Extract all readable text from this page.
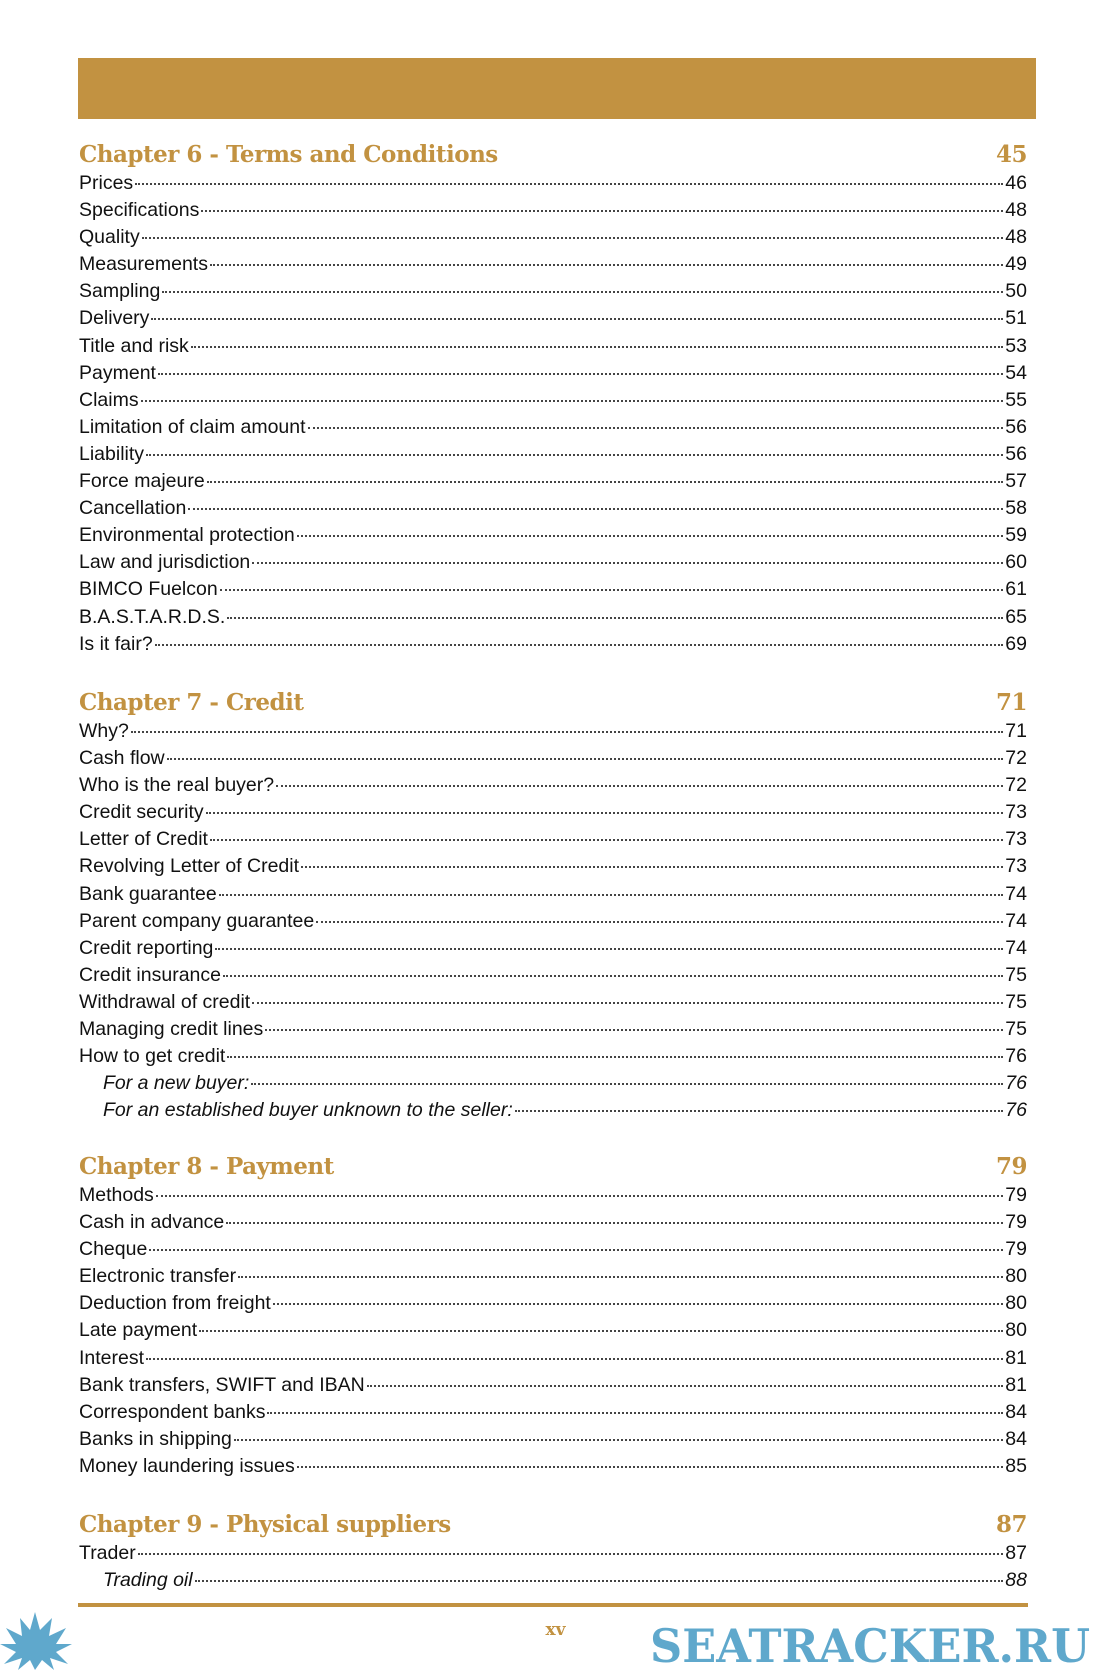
Chapter 6 - Terms and Conditions	45
Prices	46
Specifications	48
Quality	48
Measurements	49
Sampling	50
Delivery	51
Title and risk	53
Payment	54
Claims	55
Limitation of claim amount	56
Liability	56
Force majeure	57
Cancellation	58
Environmental protection	59
Law and jurisdiction	60
BIMCO Fuelcon	61
B.A.S.T.A.R.D.S.	65
Is it fair?	69
Chapter 7 - Credit	71
Why?	71
Cash flow	72
Who is the real buyer?	72
Credit security	73
Letter of Credit	73
Revolving Letter of Credit	73
Bank guarantee	74
Parent company guarantee	74
Credit reporting	74
Credit insurance	75
Withdrawal of credit	75
Managing credit lines	75
How to get credit	76
For a new buyer:	76
For an established buyer unknown to the seller:	76
Chapter 8 - Payment	79
Methods	79
Cash in advance	79
Cheque	79
Electronic transfer	80
Deduction from freight	80
Late payment	80
Interest	81
Bank transfers, SWIFT and IBAN	81
Correspondent banks	84
Banks in shipping	84
Money laundering issues	85
Chapter 9 - Physical suppliers	87
Trader	87
Trading oil	88
xv	SEATRACKER.RU
